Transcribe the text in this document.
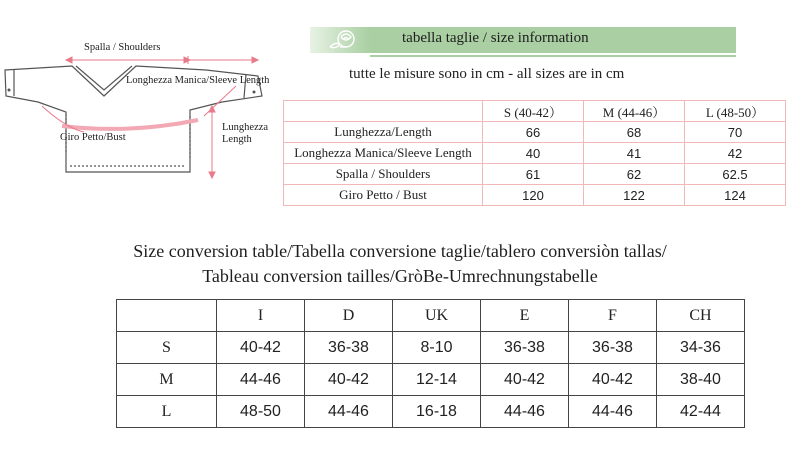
Spalla / Shoulders
Longhezza Manica/Sleeve Length
Giro Petto/Bust
Lunghezza Length
tabella taglie / size information
tutte le misure sono in cm - all sizes are in cm
	S (40-42）	M (44-46）	L (48-50）
Lunghezza/Length	66	68	70
Longhezza Manica/Sleeve Length	40	41	42
Spalla / Shoulders	61	62	62.5
Giro Petto / Bust	120	122	124
Size conversion table/Tabella conversione taglie/tablero conversiòn tallas/
Tableau conversion tailles/GròBe-Umrechnungstabelle
	I	D	UK	E	F	CH
S	40-42	36-38	8-10	36-38	36-38	34-36
M	44-46	40-42	12-14	40-42	40-42	38-40
L	48-50	44-46	16-18	44-46	44-46	42-44
